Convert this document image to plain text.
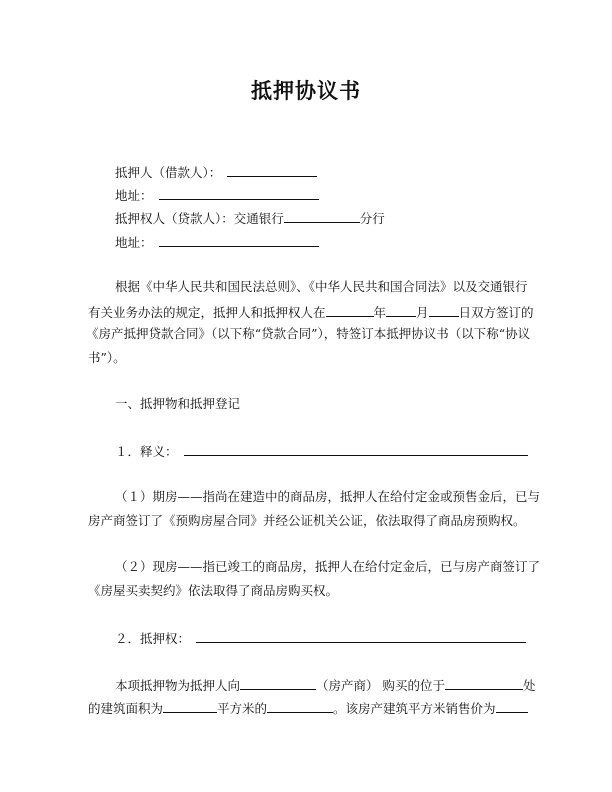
抵押协议书
抵押人（借款人）：
地址：
抵押权人（贷款人）：交通银行	分行
地址：
根据《中华人民共和国民法总则》、《中华人民共和国合同法》以及交通银行
有关业务办法的规定，抵押人和抵押权人在	年 月 日双方签订的
《房产抵押贷款合同》（以下称“贷款合同”），特签订本抵押协议书（以下称“协议
书”）。
一、抵押物和抵押登记
１．释义：
（１）期房——指尚在建造中的商品房，抵押人在给付定金或预售金后，已与
房产商签订了《预购房屋合同》并经公证机关公证，依法取得了商品房预购权。
（２）现房——指已竣工的商品房，抵押人在给付定金后，已与房产商签订了
《房屋买卖契约》依法取得了商品房购买权。
２．抵押权：
本项抵押物为抵押人向	（房产商） 购买的位于	处
的建筑面积为	平方米的	。该房产建筑平方米销售价为
